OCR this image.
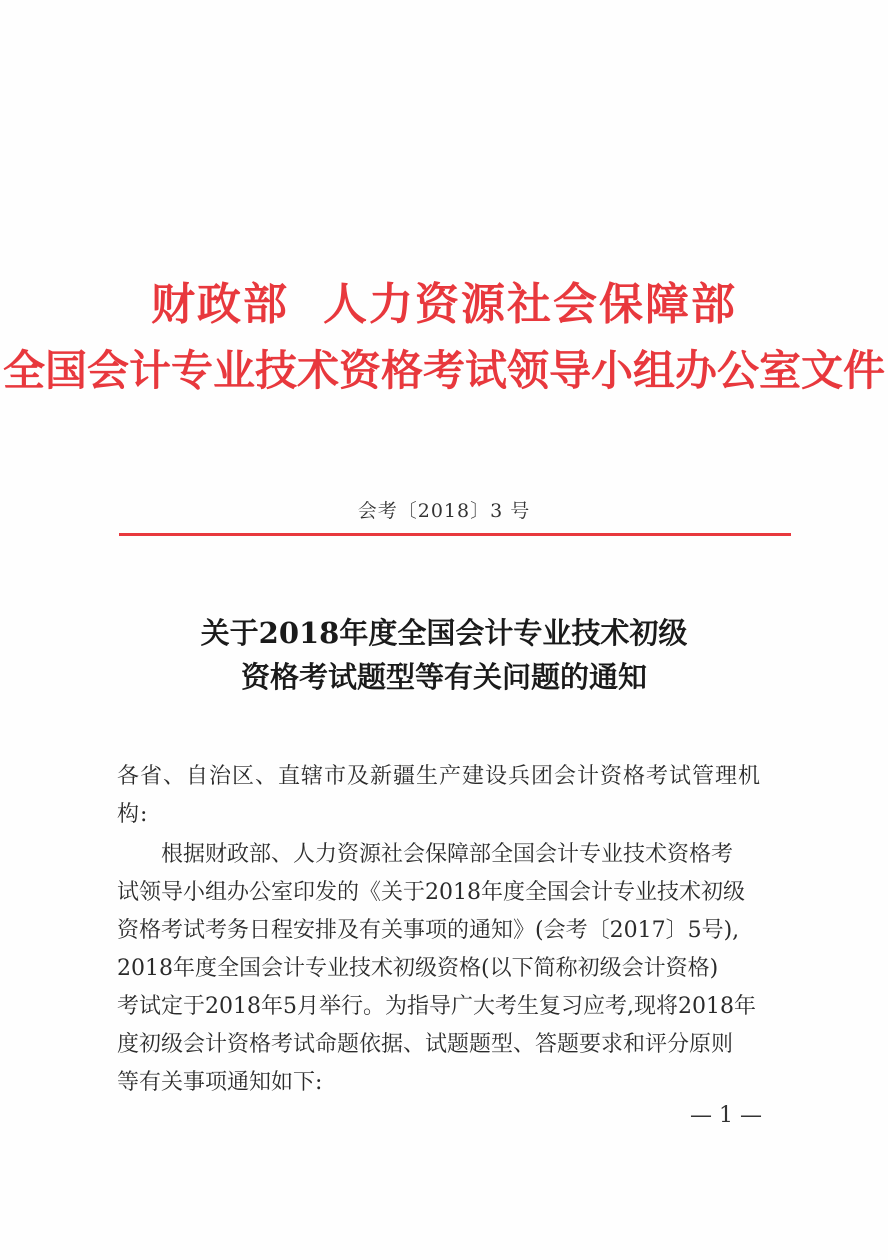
财政部 人力资源社会保障部
全国会计专业技术资格考试领导小组办公室文件
会考〔2018〕3 号
关于2018年度全国会计专业技术初级
资格考试题型等有关问题的通知
各省、自治区、直辖市及新疆生产建设兵团会计资格考试管理机
构:
　　根据财政部、人力资源社会保障部全国会计专业技术资格考
试领导小组办公室印发的《关于2018年度全国会计专业技术初级
资格考试考务日程安排及有关事项的通知》(会考〔2017〕5号),
2018年度全国会计专业技术初级资格(以下简称初级会计资格)
考试定于2018年5月举行。为指导广大考生复习应考,现将2018年
度初级会计资格考试命题依据、试题题型、答题要求和评分原则
等有关事项通知如下:
— 1 —
